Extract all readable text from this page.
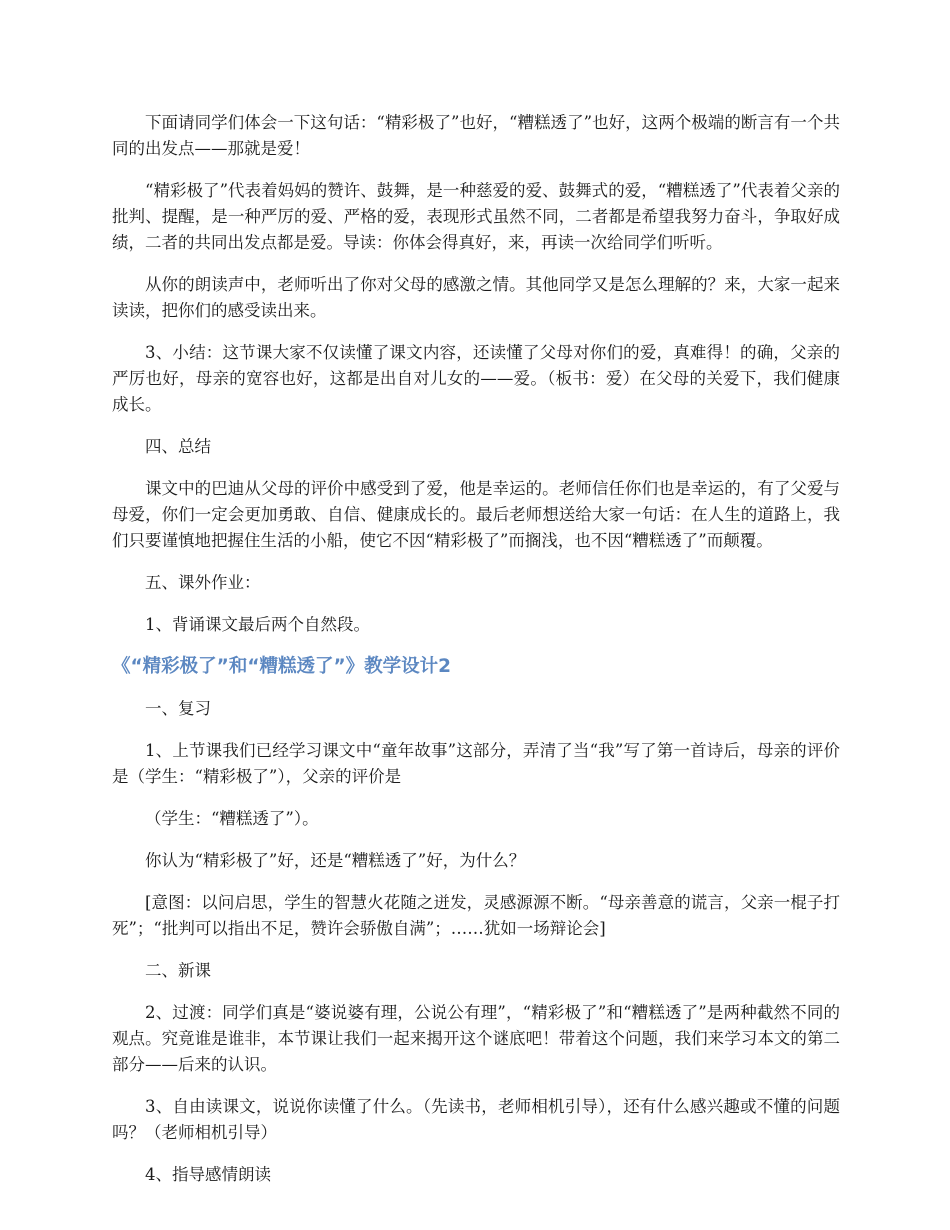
下面请同学们体会一下这句话：“精彩极了”也好，“糟糕透了”也好，这两个极端的断言有一个共同的出发点——那就是爱！

“精彩极了”代表着妈妈的赞许、鼓舞，是一种慈爱的爱、鼓舞式的爱，“糟糕透了”代表着父亲的批判、提醒，是一种严厉的爱、严格的爱，表现形式虽然不同，二者都是希望我努力奋斗，争取好成绩，二者的共同出发点都是爱。导读：你体会得真好，来，再读一次给同学们听听。

从你的朗读声中，老师听出了你对父母的感激之情。其他同学又是怎么理解的？来，大家一起来读读，把你们的感受读出来。

3、小结：这节课大家不仅读懂了课文内容，还读懂了父母对你们的爱，真难得！的确，父亲的严厉也好，母亲的宽容也好，这都是出自对儿女的——爱。（板书：爱）在父母的关爱下，我们健康成长。

四、总结

课文中的巴迪从父母的评价中感受到了爱，他是幸运的。老师信任你们也是幸运的，有了父爱与母爱，你们一定会更加勇敢、自信、健康成长的。最后老师想送给大家一句话：在人生的道路上，我们只要谨慎地把握住生活的小船，使它不因“精彩极了”而搁浅，也不因“糟糕透了”而颠覆。

五、课外作业：

1、背诵课文最后两个自然段。

《“精彩极了”和“糟糕透了”》教学设计2

一、复习

1、上节课我们已经学习课文中“童年故事”这部分，弄清了当“我”写了第一首诗后，母亲的评价是（学生：“精彩极了”），父亲的评价是

（学生：“糟糕透了”）。

你认为“精彩极了”好，还是“糟糕透了”好，为什么？

[意图：以问启思，学生的智慧火花随之迸发，灵感源源不断。“母亲善意的谎言，父亲一棍子打死”；“批判可以指出不足，赞许会骄傲自满”；……犹如一场辩论会]

二、新课

2、过渡：同学们真是“婆说婆有理，公说公有理”，“精彩极了”和“糟糕透了”是两种截然不同的观点。究竟谁是谁非，本节课让我们一起来揭开这个谜底吧！带着这个问题，我们来学习本文的第二部分——后来的认识。

3、自由读课文，说说你读懂了什么。（先读书，老师相机引导），还有什么感兴趣或不懂的问题吗？（老师相机引导）

4、指导感情朗读
